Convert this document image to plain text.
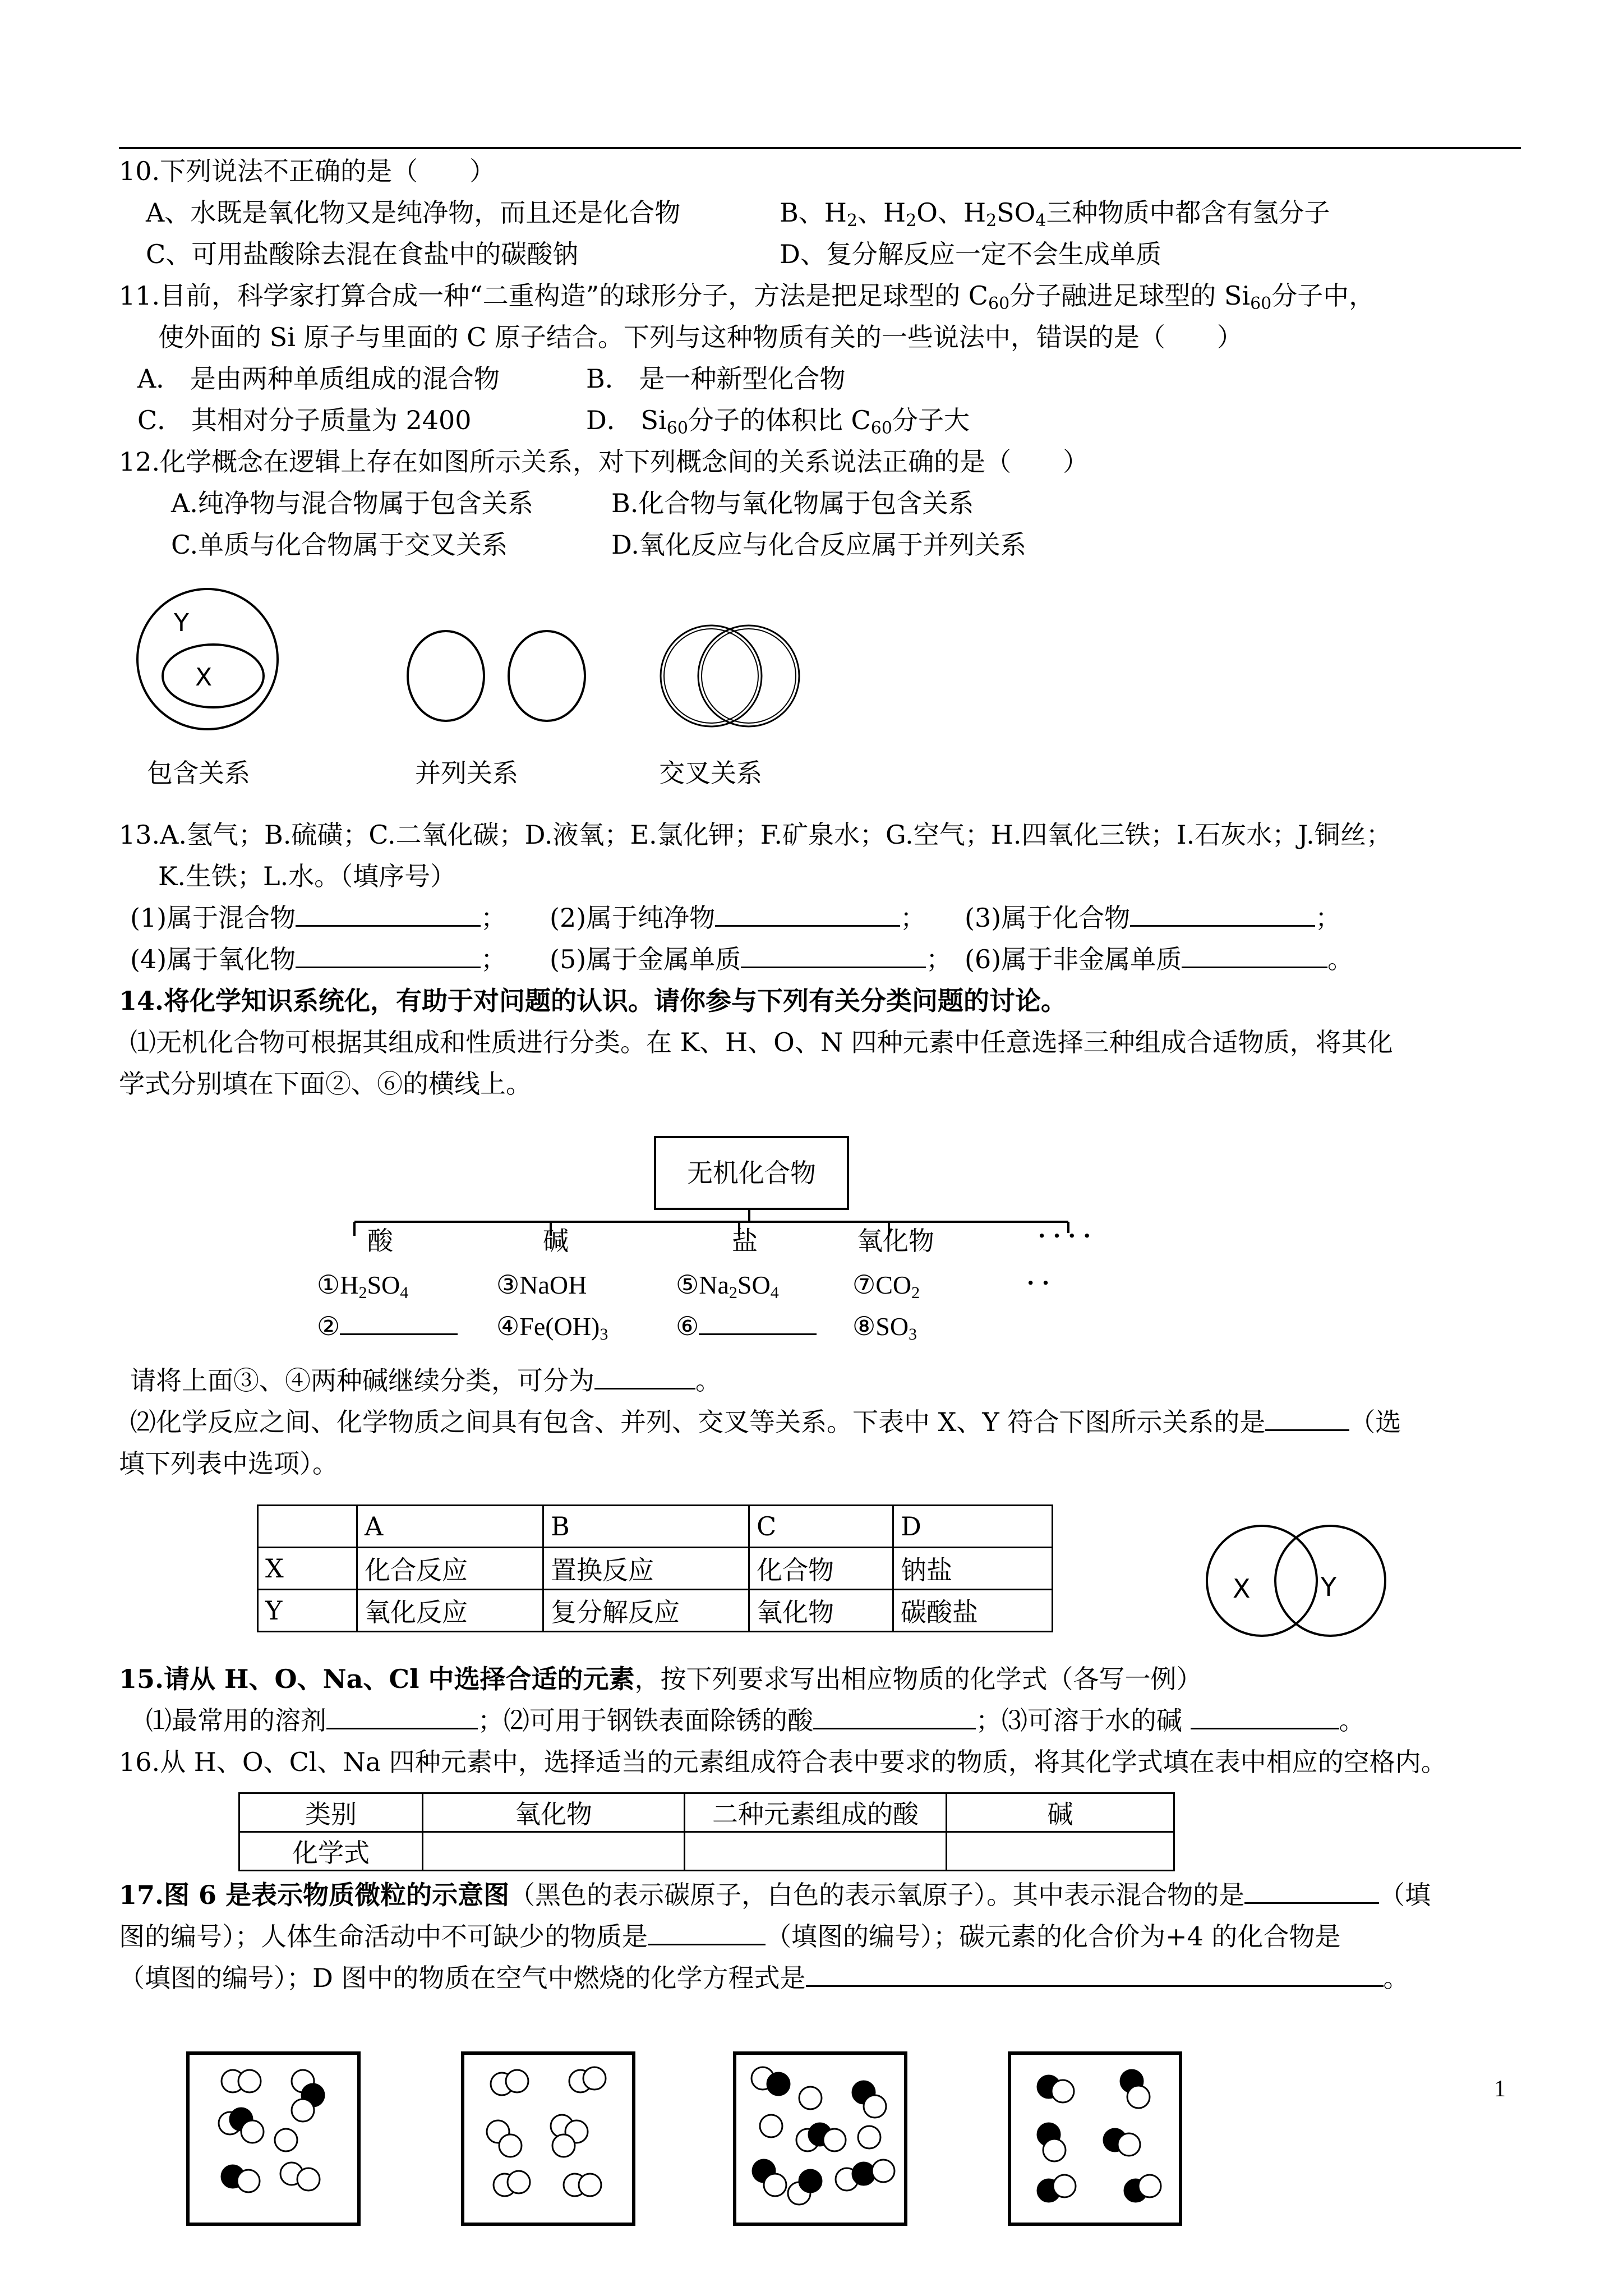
10.下列说法不正确的是（　　）
A、水既是氧化物又是纯净物，而且还是化合物	B、$H_2$、$H_2O$、$H_2SO_4$三种物质中都含有氢分子
C、可用盐酸除去混在食盐中的碳酸钠	D、复分解反应一定不会生成单质
11.目前，科学家打算合成一种“二重构造”的球形分子，方法是把足球型的 $C_{60}$分子融进足球型的 $Si_{60}$分子中，
使外面的 Si 原子与里面的 C 原子结合。下列与这种物质有关的一些说法中，错误的是（　　）
A． 是由两种单质组成的混合物	B． 是一种新型化合物
C． 其相对分子质量为 2400	D． $Si_{60}$分子的体积比 $C_{60}$分子大
12.化学概念在逻辑上存在如图所示关系，对下列概念间的关系说法正确的是（　　）
A.纯净物与混合物属于包含关系	B.化合物与氧化物属于包含关系
C.单质与化合物属于交叉关系	D.氧化反应与化合反应属于并列关系
Y
X
包含关系	并列关系	交叉关系
13.A.氢气；B.硫磺；C.二氧化碳；D.液氧；E.氯化钾；F.矿泉水；G.空气；H.四氧化三铁；I.石灰水；J.铜丝；
K.生铁；L.水。（填序号）
(1)属于混合物	； (2)属于纯净物	； (3)属于化合物	；
(4)属于氧化物	； (5)属于金属单质	； (6)属于非金属单质	。
14.将化学知识系统化，有助于对问题的认识。请你参与下列有关分类问题的讨论。
⑴无机化合物可根据其组成和性质进行分类。在 K、H、O、N 四种元素中任意选择三种组成合适物质，将其化
学式分别填在下面②、⑥的横线上。
无机化合物
酸	碱	盐	氧化物	· · · ·
· ·
$①H_2SO_4$	③NaOH	$⑤Na_2SO_4$	$⑦CO_2$
②	$④Fe(OH)_3$	⑥	$⑧SO_3$
请将上面③、④两种碱继续分类，可分为	。
⑵化学反应之间、化学物质之间具有包含、并列、交叉等关系。下表中 X、Y 符合下图所示关系的是	（选
填下列表中选项）。
	A	B	C	D
X	化合反应	置换反应	化合物	钠盐
Y	氧化反应	复分解反应	氧化物	碳酸盐
X	Y
15.请从 H、O、Na、Cl 中选择合适的元素，按下列要求写出相应物质的化学式（各写一例）
⑴最常用的溶剂	；⑵可用于钢铁表面除锈的酸	；⑶可溶于水的碱	。
16.从 H、O、Cl、Na 四种元素中，选择适当的元素组成符合表中要求的物质，将其化学式填在表中相应的空格内。
类别	氧化物	二种元素组成的酸	碱
化学式			
17.图 6 是表示物质微粒的示意图（黑色的表示碳原子，白色的表示氧原子）。其中表示混合物的是	（填
图的编号）；人体生命活动中不可缺少的物质是	（填图的编号）；碳元素的化合价为+4 的化合物是
（填图的编号）；D 图中的物质在空气中燃烧的化学方程式是	。
1
